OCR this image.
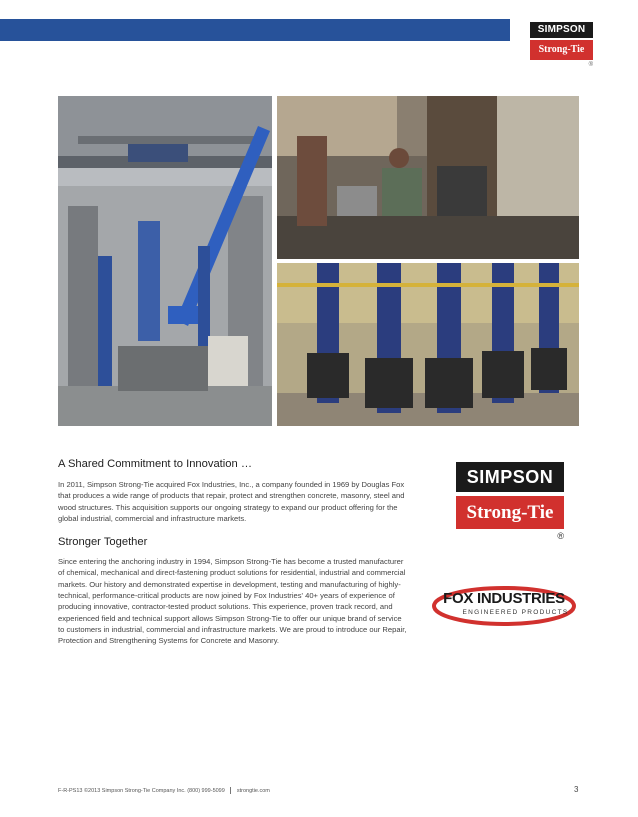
SIMPSON
Strong-Tie
®
A Shared Commitment to Innovation …
In 2011, Simpson Strong-Tie acquired Fox Industries, Inc., a company founded in 1969 by Douglas Fox that produces a wide range of products that repair, protect and strengthen concrete, masonry, steel and wood structures. This acquisition supports our ongoing strategy to expand our product offering for the global industrial, commercial and infrastructure markets.
Stronger Together
Since entering the anchoring industry in 1994, Simpson Strong-Tie has become a trusted manufacturer of chemical, mechanical and direct-fastening product solutions for residential, industrial and commercial markets. Our history and demonstrated expertise in development, testing and manufacturing of highly-technical, performance-critical products are now joined by Fox Industries' 40+ years of experience of producing innovative, contractor-tested product solutions. This experience, proven track record, and experienced field and technical support allows Simpson Strong-Tie to offer our unique brand of service to customers in industrial, commercial and infrastructure markets. We are proud to introduce our Repair, Protection and Strengthening Systems for Concrete and Masonry.
SIMPSON
Strong-Tie
®
FOX INDUSTRIES
ENGINEERED PRODUCTS
F-R-PS13 ©2013 Simpson Strong-Tie Company Inc. (800) 999-5099 strongtie.com	3
